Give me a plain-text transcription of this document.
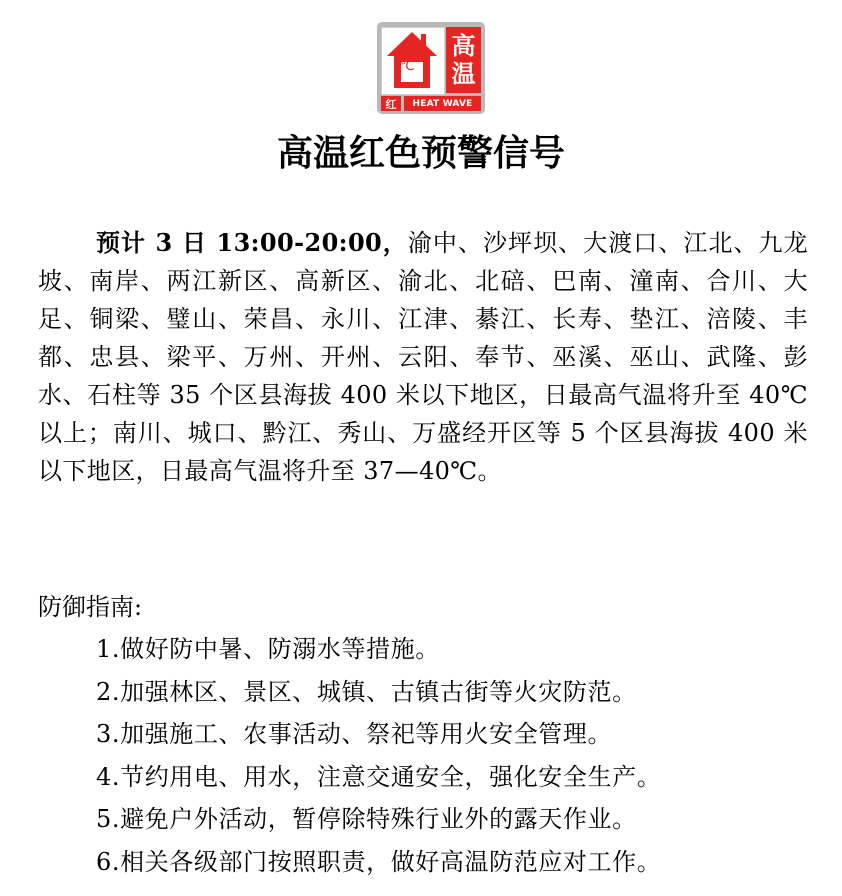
℃
高
温
红	HEAT WAVE
高温红色预警信号

预计 3 日 13:00-20:00，渝中、沙坪坝、大渡口、江北、九龙坡、南岸、两江新区、高新区、渝北、北碚、巴南、潼南、合川、大足、铜梁、璧山、荣昌、永川、江津、綦江、长寿、垫江、涪陵、丰都、忠县、梁平、万州、开州、云阳、奉节、巫溪、巫山、武隆、彭水、石柱等 35 个区县海拔 400 米以下地区，日最高气温将升至 40℃以上；南川、城口、黔江、秀山、万盛经开区等 5 个区县海拔 400 米以下地区，日最高气温将升至 37—40℃。

防御指南:

1.做好防中暑、防溺水等措施。
2.加强林区、景区、城镇、古镇古街等火灾防范。
3.加强施工、农事活动、祭祀等用火安全管理。
4.节约用电、用水，注意交通安全，强化安全生产。
5.避免户外活动，暂停除特殊行业外的露天作业。
6.相关各级部门按照职责，做好高温防范应对工作。
